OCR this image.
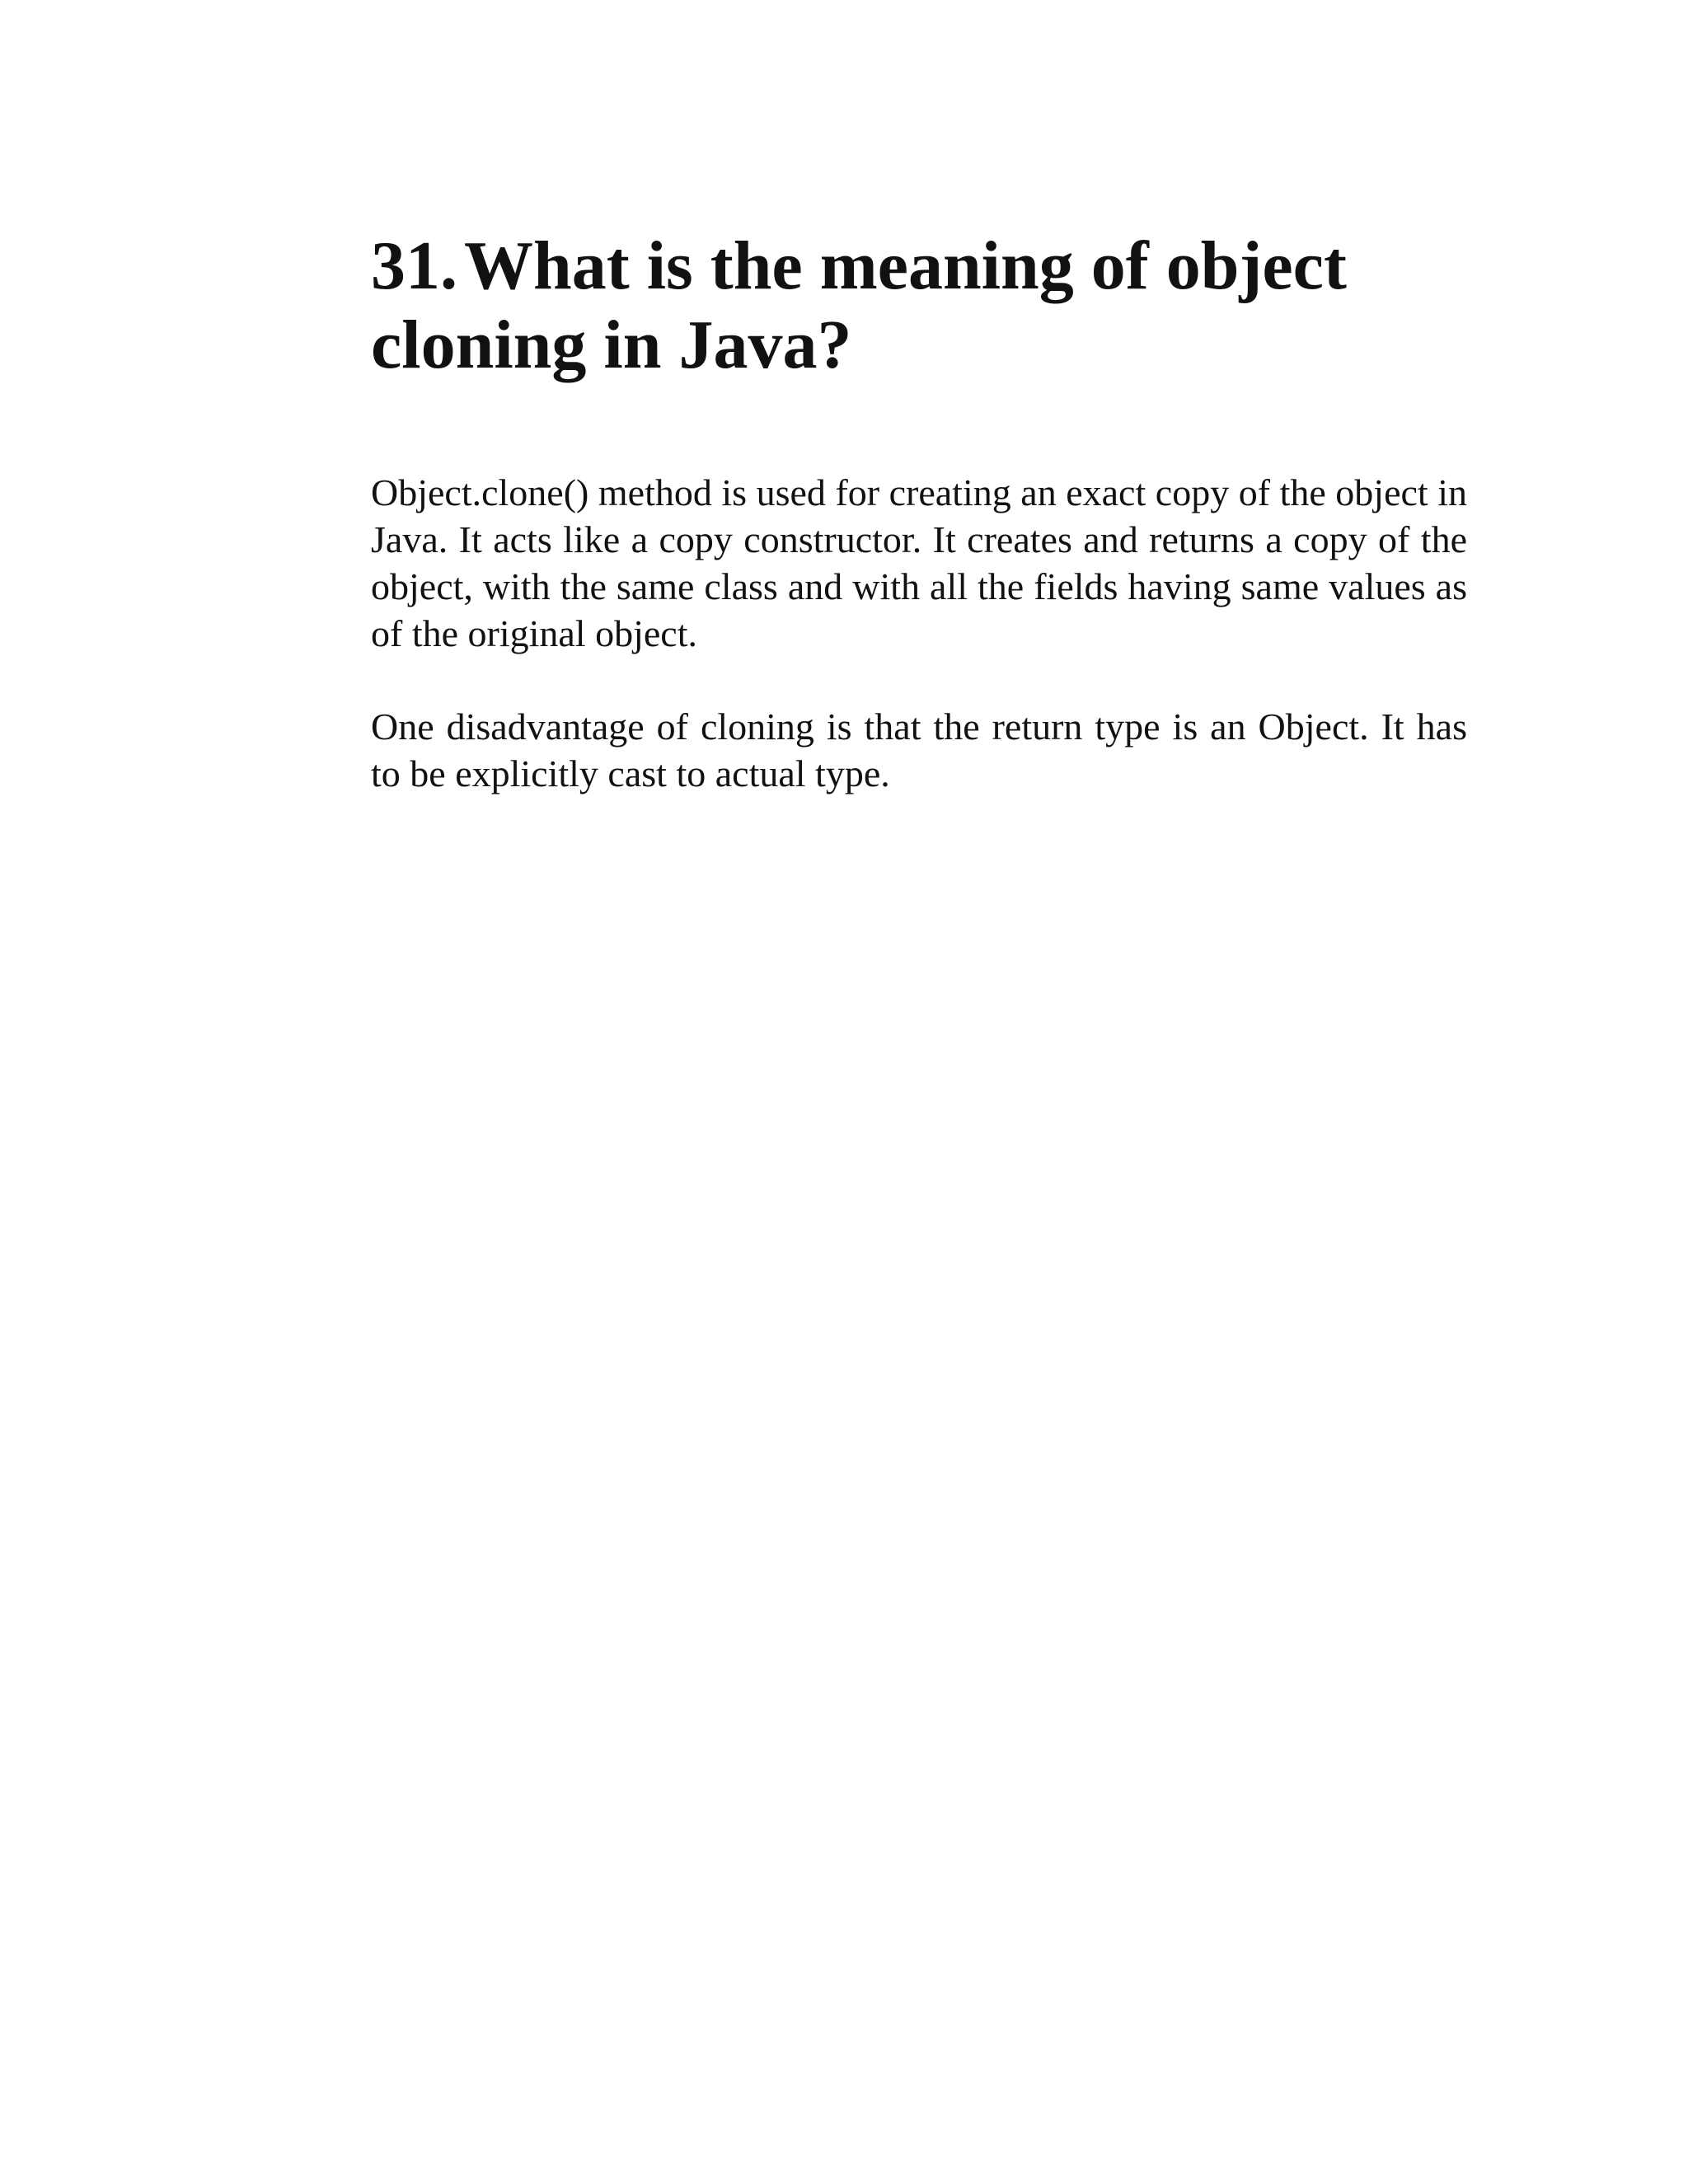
31.What is the meaning of object cloning in Java?

Object.clone() method is used for creating an exact copy of the object in Java. It acts like a copy constructor. It creates and returns a copy of the object, with the same class and with all the fields having same values as of the original object.

One disadvantage of cloning is that the return type is an Object. It has to be explicitly cast to actual type.
